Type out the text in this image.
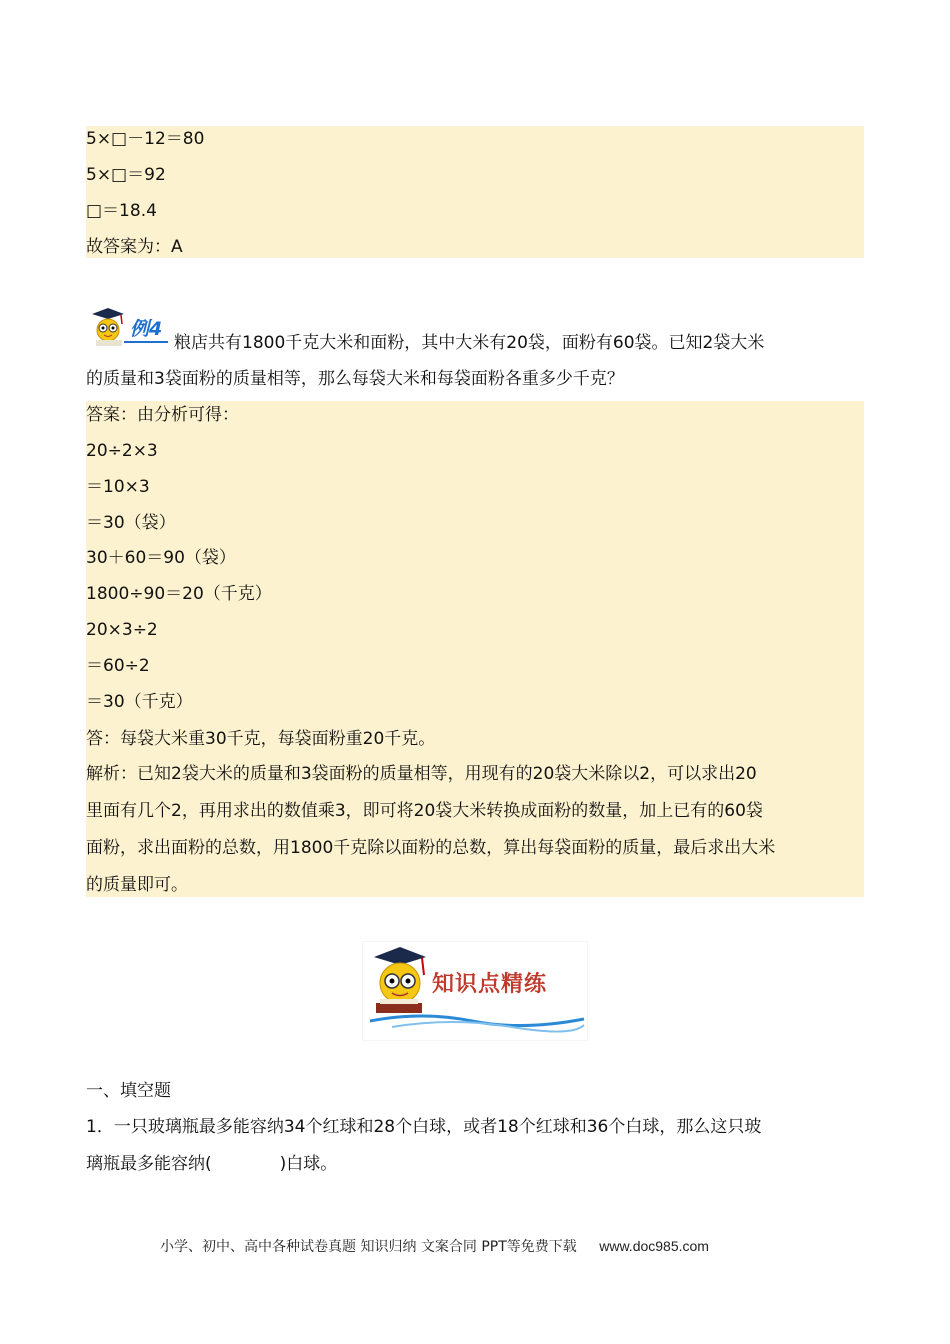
5×□－12＝80
5×□＝92
□＝18.4
故答案为：A
例4
粮店共有1800千克大米和面粉，其中大米有20袋，面粉有60袋。已知2袋大米
的质量和3袋面粉的质量相等，那么每袋大米和每袋面粉各重多少千克？
答案：由分析可得：
20÷2×3
＝10×3
＝30（袋）
30＋60＝90（袋）
1800÷90＝20（千克）
20×3÷2
＝60÷2
＝30（千克）
答：每袋大米重30千克，每袋面粉重20千克。
解析：已知2袋大米的质量和3袋面粉的质量相等，用现有的20袋大米除以2，可以求出20
里面有几个2，再用求出的数值乘3，即可将20袋大米转换成面粉的数量，加上已有的60袋
面粉，求出面粉的总数，用1800千克除以面粉的总数，算出每袋面粉的质量，最后求出大米
的质量即可。
知识点精练
一、填空题
1．一只玻璃瓶最多能容纳34个红球和28个白球，或者18个红球和36个白球，那么这只玻
璃瓶最多能容纳(　　　　)白球。
小学、初中、高中各种试卷真题 知识归纳 文案合同 PPT等免费下载 www.doc985.com
